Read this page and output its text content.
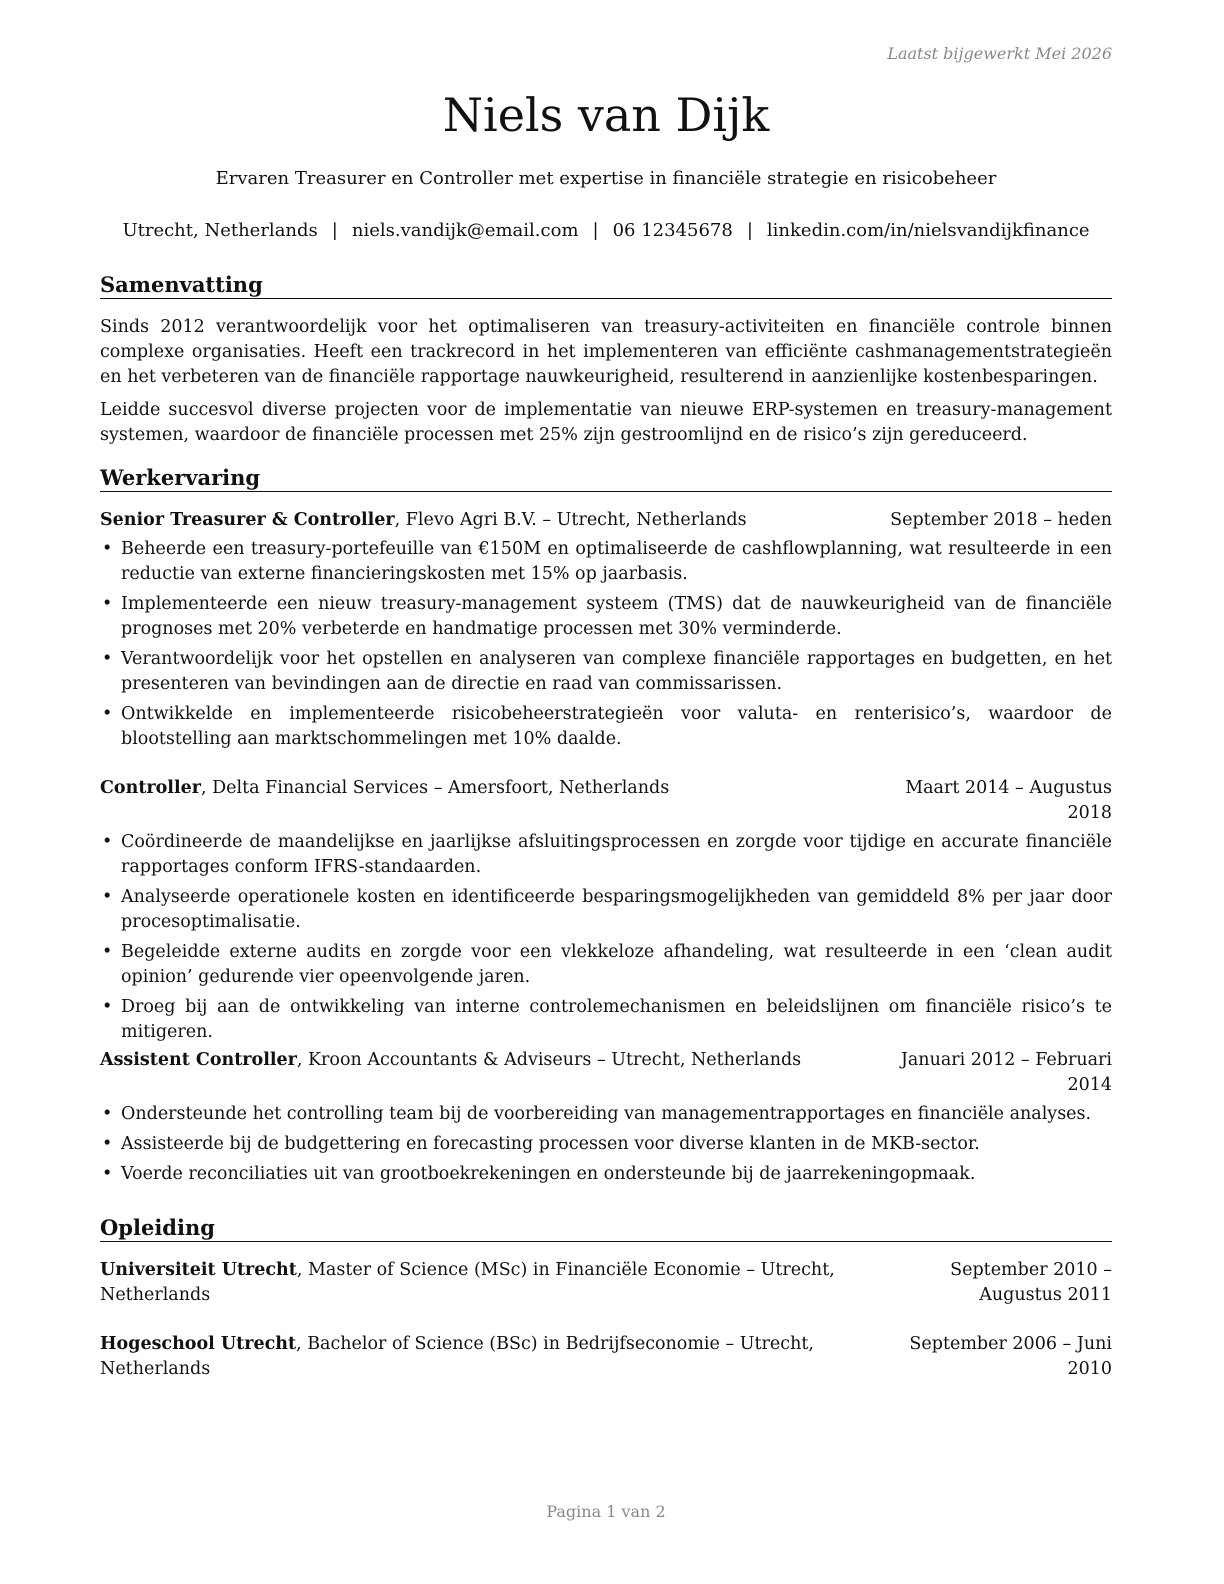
Laatst bijgewerkt Mei 2026
Niels van Dijk
Ervaren Treasurer en Controller met expertise in financiële strategie en risicobeheer
Utrecht, Netherlands | niels.vandijk@email.com | 06 12345678 | linkedin.com/in/nielsvandijkfinance
Samenvatting

Sinds 2012 verantwoordelijk voor het optimaliseren van treasury-activiteiten en financiële controle binnen complexe organisaties. Heeft een trackrecord in het implementeren van efficiënte cashmanagementstrategieën en het verbeteren van de financiële rapportage nauwkeurigheid, resulterend in aanzienlijke kostenbesparingen.

Leidde succesvol diverse projecten voor de implementatie van nieuwe ERP-systemen en treasury-management systemen, waardoor de financiële processen met 25% zijn gestroomlijnd en de risico’s zijn gereduceerd.

Werkervaring
Senior Treasurer & Controller, Flevo Agri B.V. – Utrecht, Netherlands	September 2018 – heden
• Beheerde een treasury-portefeuille van €150M en optimaliseerde de cashflowplanning, wat resulteerde in een reductie van externe financieringskosten met 15% op jaarbasis.
• Implementeerde een nieuw treasury-management systeem (TMS) dat de nauwkeurigheid van de financiële prognoses met 20% verbeterde en handmatige processen met 30% verminderde.
• Verantwoordelijk voor het opstellen en analyseren van complexe financiële rapportages en budgetten, en het presenteren van bevindingen aan de directie en raad van commissarissen.
• Ontwikkelde en implementeerde risicobeheerstrategieën voor valuta- en renterisico’s, waardoor de blootstelling aan marktschommelingen met 10% daalde.
Controller, Delta Financial Services – Amersfoort, Netherlands	Maart 2014 – Augustus 2018
• Coördineerde de maandelijkse en jaarlijkse afsluitingsprocessen en zorgde voor tijdige en accurate financiële rapportages conform IFRS-standaarden.
• Analyseerde operationele kosten en identificeerde besparingsmogelijkheden van gemiddeld 8% per jaar door procesoptimalisatie.
• Begeleidde externe audits en zorgde voor een vlekkeloze afhandeling, wat resulteerde in een ‘clean audit opinion’ gedurende vier opeenvolgende jaren.
• Droeg bij aan de ontwikkeling van interne controlemechanismen en beleidslijnen om financiële risico’s te mitigeren.
Assistent Controller, Kroon Accountants & Adviseurs – Utrecht, Netherlands	Januari 2012 – Februari 2014
• Ondersteunde het controlling team bij de voorbereiding van managementrapportages en financiële analyses.
• Assisteerde bij de budgettering en forecasting processen voor diverse klanten in de MKB-sector.
• Voerde reconciliaties uit van grootboekrekeningen en ondersteunde bij de jaarrekeningopmaak.
Opleiding
Universiteit Utrecht, Master of Science (MSc) in Financiële Economie – Utrecht, Netherlands
September 2010 – Augustus 2011
Hogeschool Utrecht, Bachelor of Science (BSc) in Bedrijfseconomie – Utrecht, Netherlands
September 2006 – Juni 2010
Pagina 1 van 2
